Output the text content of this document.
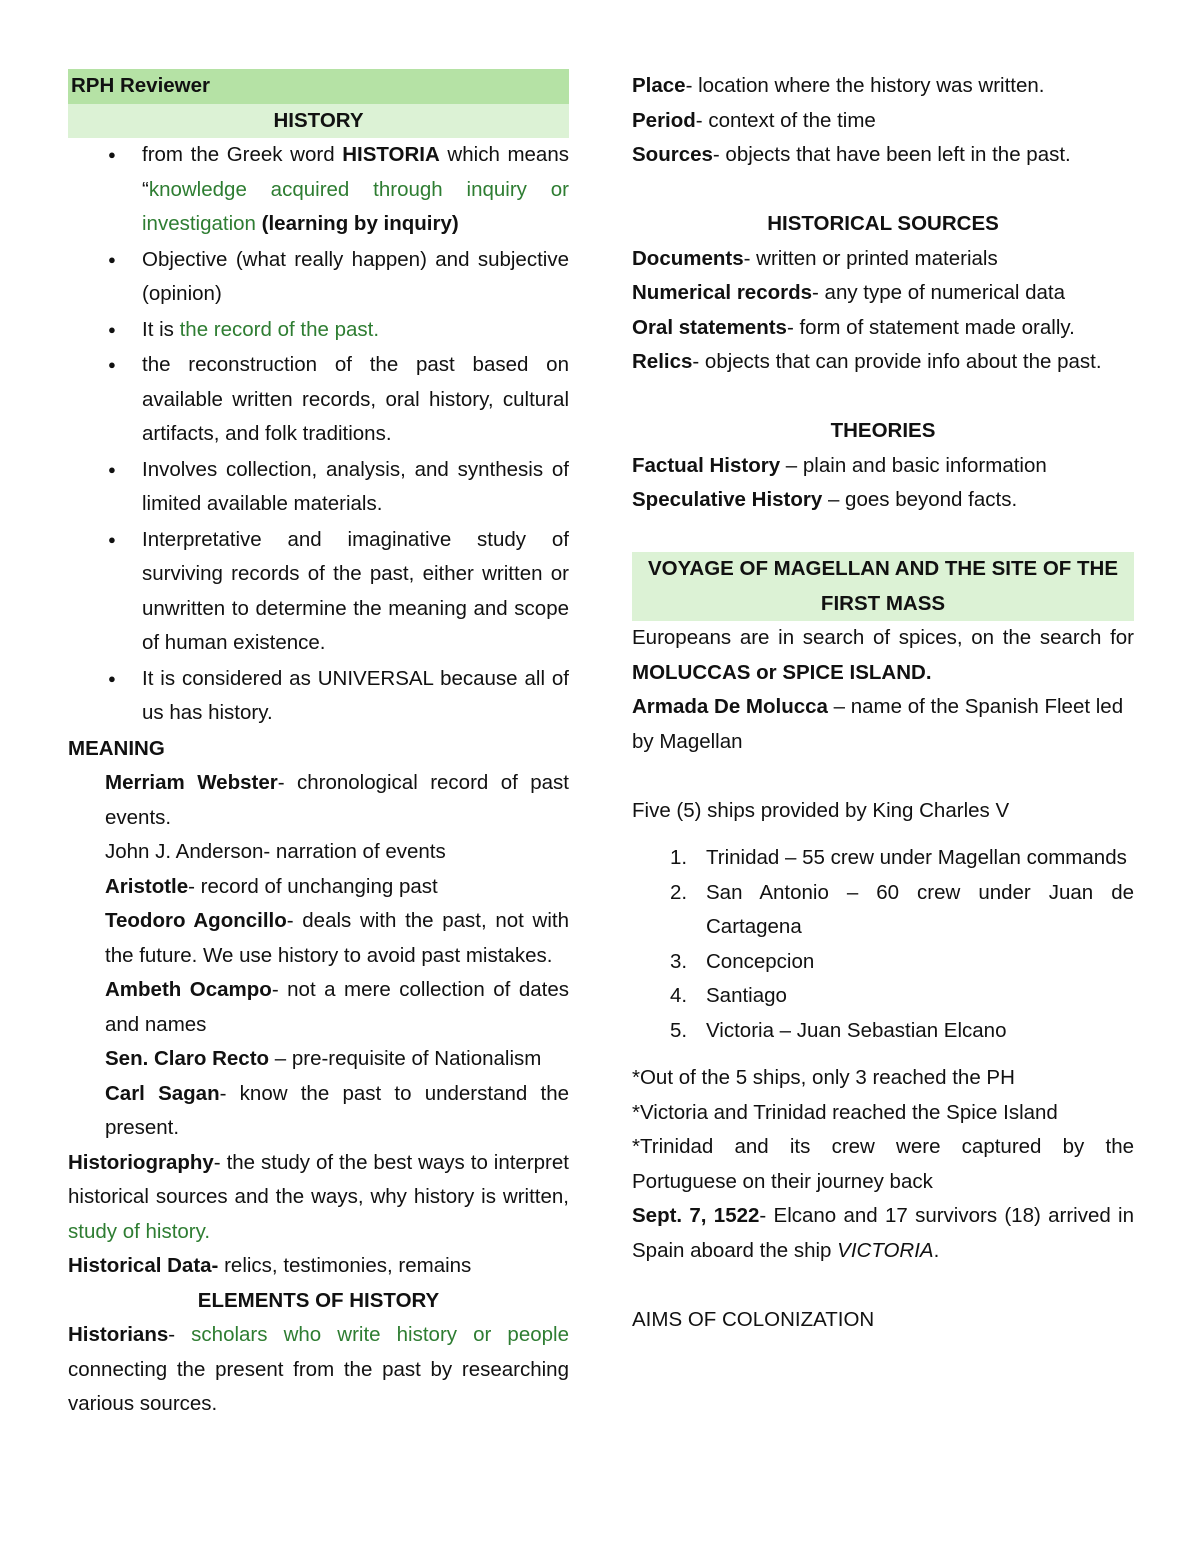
RPH Reviewer
HISTORY
● from the Greek word HISTORIA which means “knowledge acquired through inquiry or investigation (learning by inquiry)
● Objective (what really happen) and subjective (opinion)
● It is the record of the past.
● the reconstruction of the past based on available written records, oral history, cultural artifacts, and folk traditions.
● Involves collection, analysis, and synthesis of limited available materials.
● Interpretative and imaginative study of surviving records of the past, either written or unwritten to determine the meaning and scope of human existence.
● It is considered as UNIVERSAL because all of us has history.
MEANING
Merriam Webster- chronological record of past events.
John J. Anderson- narration of events
Aristotle- record of unchanging past
Teodoro Agoncillo- deals with the past, not with the future. We use history to avoid past mistakes.
Ambeth Ocampo- not a mere collection of dates and names
Sen. Claro Recto – pre-requisite of Nationalism
Carl Sagan- know the past to understand the present.
Historiography- the study of the best ways to interpret historical sources and the ways, why history is written, study of history.
Historical Data- relics, testimonies, remains
ELEMENTS OF HISTORY
Historians- scholars who write history or people connecting the present from the past by researching various sources.
Place- location where the history was written.
Period- context of the time
Sources- objects that have been left in the past.
HISTORICAL SOURCES
Documents- written or printed materials
Numerical records- any type of numerical data
Oral statements- form of statement made orally.
Relics- objects that can provide info about the past.
THEORIES
Factual History – plain and basic information
Speculative History – goes beyond facts.
VOYAGE OF MAGELLAN AND THE SITE OF THE
FIRST MASS
Europeans are in search of spices, on the search for MOLUCCAS or SPICE ISLAND.
Armada De Molucca – name of the Spanish Fleet led by Magellan
Five (5) ships provided by King Charles V
1. Trinidad – 55 crew under Magellan commands
2. San Antonio – 60 crew under Juan de Cartagena
3. Concepcion
4. Santiago
5. Victoria – Juan Sebastian Elcano
*Out of the 5 ships, only 3 reached the PH
*Victoria and Trinidad reached the Spice Island
*Trinidad and its crew were captured by the Portuguese on their journey back
Sept. 7, 1522- Elcano and 17 survivors (18) arrived in Spain aboard the ship VICTORIA.
AIMS OF COLONIZATION
